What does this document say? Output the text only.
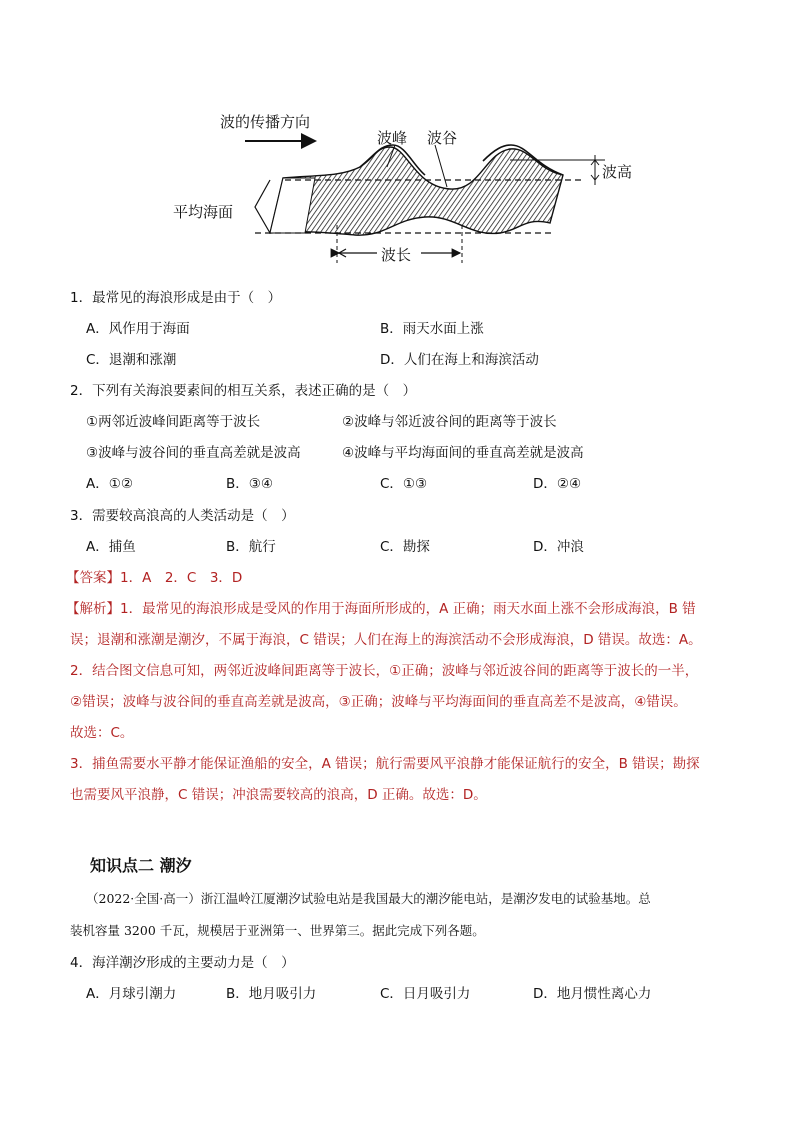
波的传播方向
波峰 波谷
波高
平均海面
波长
1．最常见的海浪形成是由于（　）
A．风作用于海面	B．雨天水面上涨
C．退潮和涨潮	D．人们在海上和海滨活动
2．下列有关海浪要素间的相互关系，表述正确的是（　）
①两邻近波峰间距离等于波长	②波峰与邻近波谷间的距离等于波长
③波峰与波谷间的垂直高差就是波高	④波峰与平均海面间的垂直高差就是波高
A．①②	B．③④	C．①③	D．②④
3．需要较高浪高的人类活动是（　）
A．捕鱼	B．航行	C．勘探	D．冲浪
【答案】1．A　2．C　3．D
【解析】1．最常见的海浪形成是受风的作用于海面所形成的，A 正确；雨天水面上涨不会形成海浪，B 错
误；退潮和涨潮是潮汐，不属于海浪，C 错误；人们在海上的海滨活动不会形成海浪，D 错误。故选：A。
2．结合图文信息可知，两邻近波峰间距离等于波长，①正确；波峰与邻近波谷间的距离等于波长的一半，
②错误；波峰与波谷间的垂直高差就是波高，③正确；波峰与平均海面间的垂直高差不是波高，④错误。
故选：C。
3．捕鱼需要水平静才能保证渔船的安全，A 错误；航行需要风平浪静才能保证航行的安全，B 错误；勘探
也需要风平浪静，C 错误；冲浪需要较高的浪高，D 正确。故选：D。
知识点二 潮汐
（2022·全国·高一）浙江温岭江厦潮汐试验电站是我国最大的潮汐能电站，是潮汐发电的试验基地。总
装机容量 3200 千瓦，规模居于亚洲第一、世界第三。据此完成下列各题。
4．海洋潮汐形成的主要动力是（　）
A．月球引潮力	B．地月吸引力	C．日月吸引力	D．地月惯性离心力
